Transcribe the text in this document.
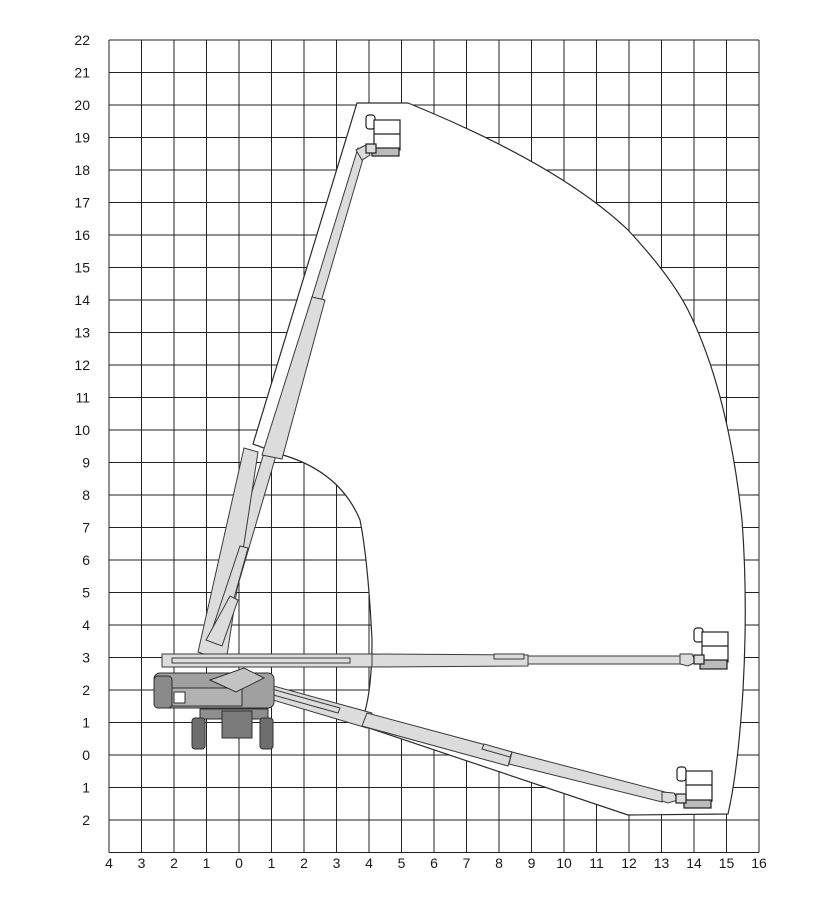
22
21
20
19
18
17
16
15
14
13
12
11
10
9
8
7
6
5
4
3
2
1
0
1
2
4 3 2 1 0 1 2 3 4 5 6 7 8 9 10 11 12 13 14 15 16
